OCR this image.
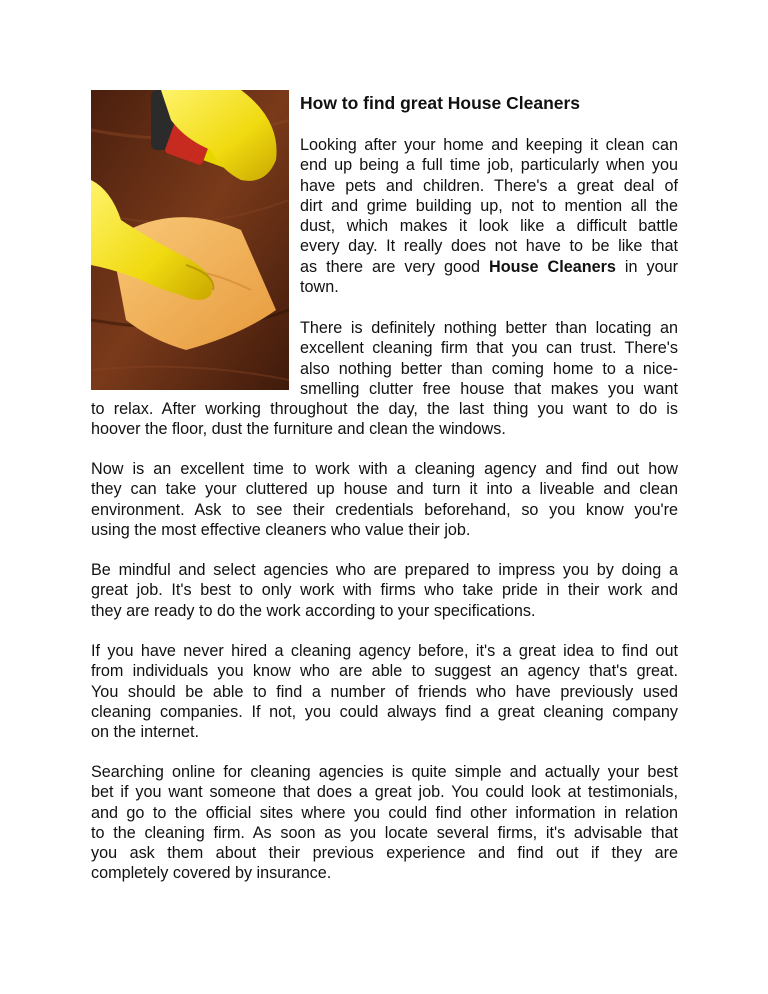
How to find great House Cleaners

Looking after your home and keeping it clean can

end up being a full time job, particularly when you

have pets and children. There's a great deal of

dirt and grime building up, not to mention all the

dust, which makes it look like a difficult battle

every day. It really does not have to be like that

as there are very good House Cleaners in your

town.

There is definitely nothing better than locating an

excellent cleaning firm that you can trust. There's

also nothing better than coming home to a nice-

smelling clutter free house that makes you want

to relax. After working throughout the day, the last thing you want to do is

hoover the floor, dust the furniture and clean the windows.

Now is an excellent time to work with a cleaning agency and find out how

they can take your cluttered up house and turn it into a liveable and clean

environment. Ask to see their credentials beforehand, so you know you're

using the most effective cleaners who value their job.

Be mindful and select agencies who are prepared to impress you by doing a

great job. It's best to only work with firms who take pride in their work and

they are ready to do the work according to your specifications.

If you have never hired a cleaning agency before, it's a great idea to find out

from individuals you know who are able to suggest an agency that's great.

You should be able to find a number of friends who have previously used

cleaning companies. If not, you could always find a great cleaning company

on the internet.

Searching online for cleaning agencies is quite simple and actually your best

bet if you want someone that does a great job. You could look at testimonials,

and go to the official sites where you could find other information in relation

to the cleaning firm. As soon as you locate several firms, it's advisable that

you ask them about their previous experience and find out if they are

completely covered by insurance.
